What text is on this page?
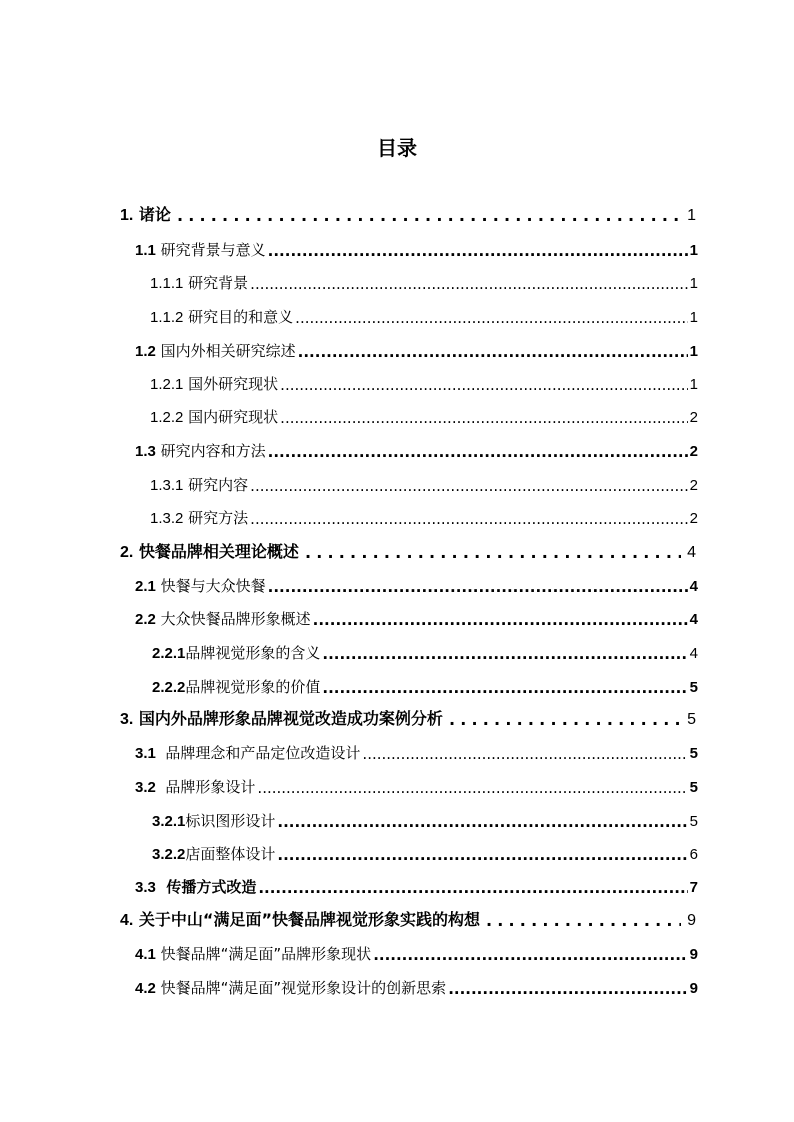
目录
1. 诸论 .....	1
1.1 研究背景与意义 .....	1
1.1.1 研究背景 .....	1
1.1.2 研究目的和意义 .....	1
1.2 国内外相关研究综述 .....	1
1.2.1 国外研究现状 .....	1
1.2.2 国内研究现状 .....	2
1.3 研究内容和方法 .....	2
1.3.1 研究内容 .....	2
1.3.2 研究方法 .....	2
2. 快餐品牌相关理论概述 .....	4
2.1 快餐与大众快餐 .....	4
2.2 大众快餐品牌形象概述 .....	4
2.2.1品牌视觉形象的含义 .....	4
2.2.2品牌视觉形象的价值 .....	5
3. 国内外品牌形象品牌视觉改造成功案例分析 .....	5
3.1 品牌理念和产品定位改造设计 .....	5
3.2 品牌形象设计 .....	5
3.2.1标识图形设计 .....	5
3.2.2店面整体设计 .....	6
3.3 传播方式改造 .....	7
4. 关于中山“满足面”快餐品牌视觉形象实践的构想 .....	9
4.1 快餐品牌“满足面”品牌形象现状 .....	9
4.2 快餐品牌“满足面”视觉形象设计的创新思索 .....	9
